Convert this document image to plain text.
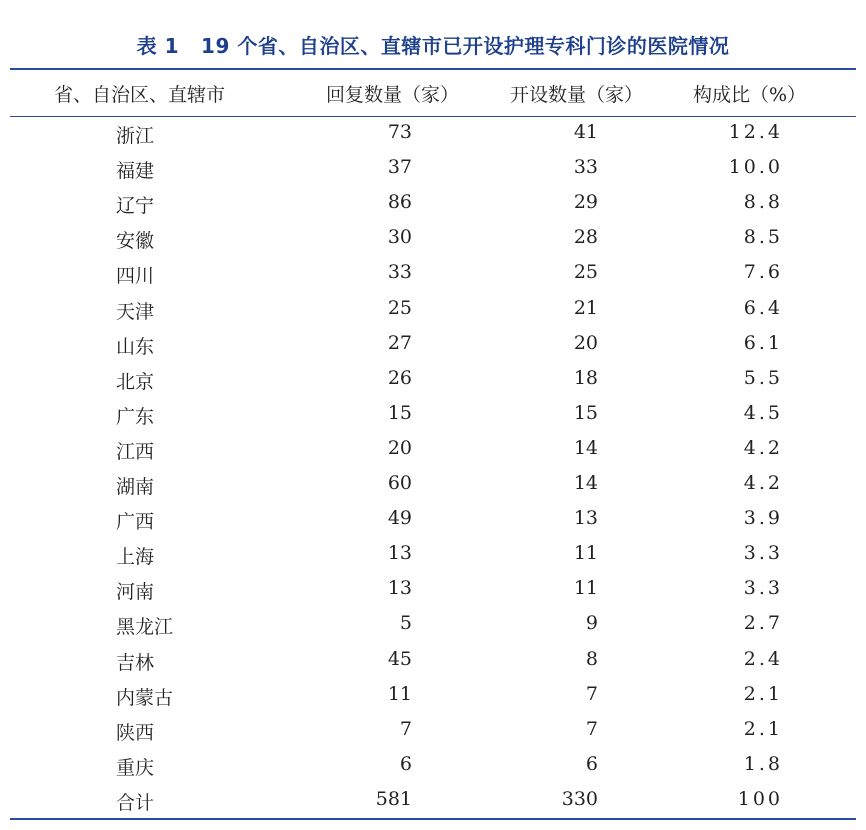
表 1 19 个省、自治区、直辖市已开设护理专科门诊的医院情况
省、自治区、直辖市	回复数量（家）	开设数量（家）	构成比（%）
浙江	73	41	12.4
福建	37	33	10.0
辽宁	86	29	8.8
安徽	30	28	8.5
四川	33	25	7.6
天津	25	21	6.4
山东	27	20	6.1
北京	26	18	5.5
广东	15	15	4.5
江西	20	14	4.2
湖南	60	14	4.2
广西	49	13	3.9
上海	13	11	3.3
河南	13	11	3.3
黑龙江	5	9	2.7
吉林	45	8	2.4
内蒙古	11	7	2.1
陕西	7	7	2.1
重庆	6	6	1.8
合计	581	330	100
